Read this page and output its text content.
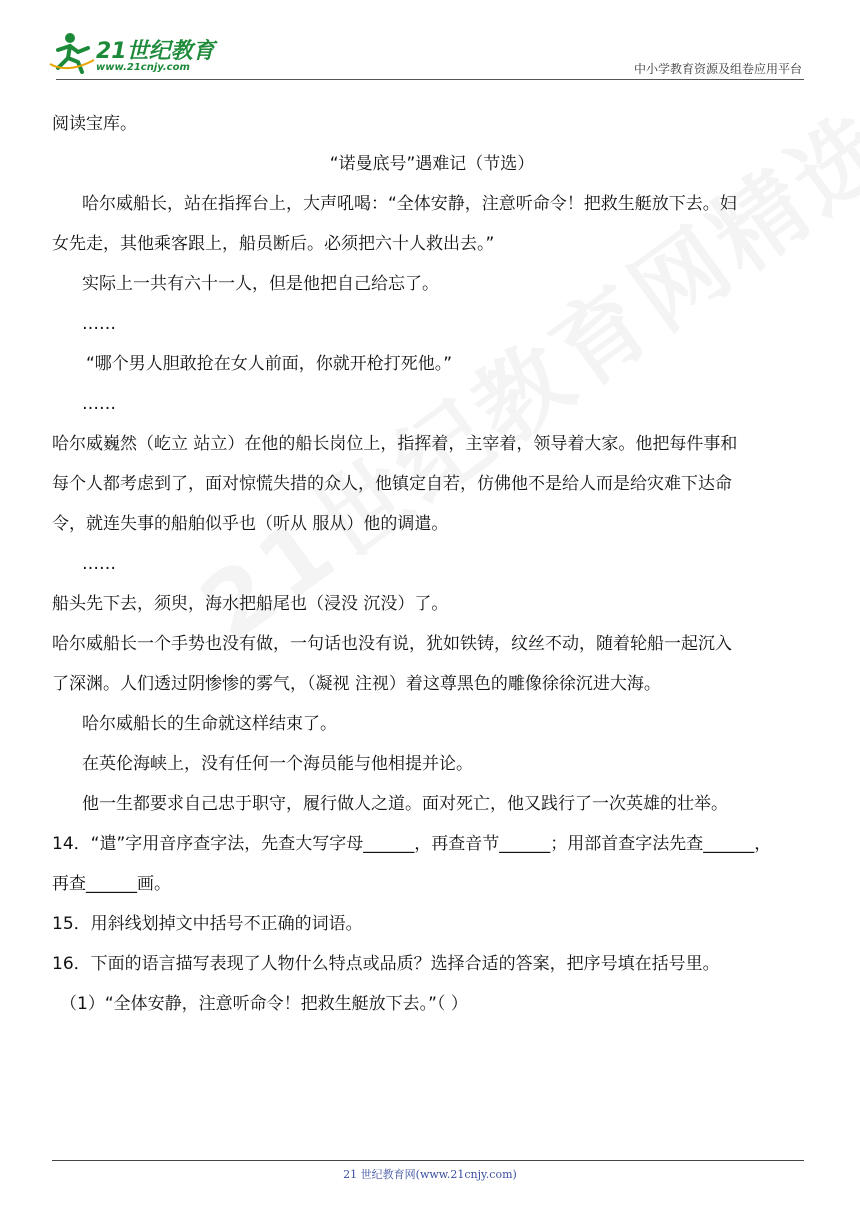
21世纪教育
www.21cnjy.com	中小学教育资源及组卷应用平台
阅读宝库。
“诺曼底号”遇难记（节选）
哈尔威船长，站在指挥台上，大声吼喝：“全体安静，注意听命令！把救生艇放下去。妇
女先走，其他乘客跟上，船员断后。必须把六十人救出去。”
实际上一共有六十一人，但是他把自己给忘了。
……
“哪个男人胆敢抢在女人前面，你就开枪打死他。”
……
哈尔威巍然（屹立 站立）在他的船长岗位上，指挥着，主宰着，领导着大家。他把每件事和
每个人都考虑到了，面对惊慌失措的众人，他镇定自若，仿佛他不是给人而是给灾难下达命
令，就连失事的船舶似乎也（听从 服从）他的调遣。
……
船头先下去，须臾，海水把船尾也（浸没 沉没）了。
哈尔威船长一个手势也没有做，一句话也没有说，犹如铁铸，纹丝不动，随着轮船一起沉入
了深渊。人们透过阴惨惨的雾气，（凝视 注视）着这尊黑色的雕像徐徐沉进大海。
哈尔威船长的生命就这样结束了。
在英伦海峡上，没有任何一个海员能与他相提并论。
他一生都要求自己忠于职守，履行做人之道。面对死亡，他又践行了一次英雄的壮举。
14．“遣”字用音序查字法，先查大写字母______，再查音节______；用部首查字法先查______，
再查______画。
15．用斜线划掉文中括号不正确的词语。
16．下面的语言描写表现了人物什么特点或品质？选择合适的答案，把序号填在括号里。
（1）“全体安静，注意听命令！把救生艇放下去。”（ ）
21 世纪教育网(www.21cnjy.com)
